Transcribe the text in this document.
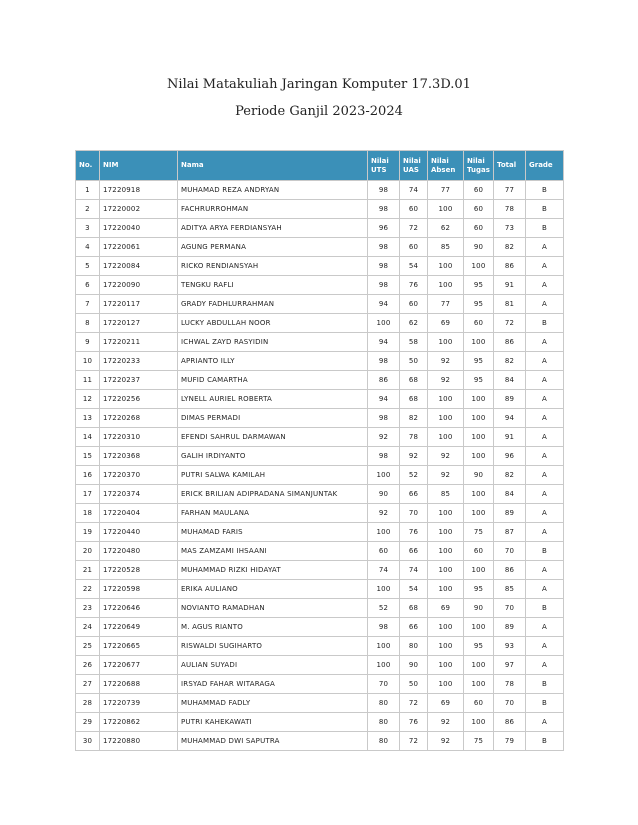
Nilai Matakuliah Jaringan Komputer 17.3D.01
Periode Ganjil 2023-2024
No.	NIM	Nama	Nilai UTS	Nilai UAS	Nilai Absen	Nilai Tugas	Total	Grade
1	17220918	MUHAMAD REZA ANDRYAN	98	74	77	60	77	B
2	17220002	FACHRURROHMAN	98	60	100	60	78	B
3	17220040	ADITYA ARYA FERDIANSYAH	96	72	62	60	73	B
4	17220061	AGUNG PERMANA	98	60	85	90	82	A
5	17220084	RICKO RENDIANSYAH	98	54	100	100	86	A
6	17220090	TENGKU RAFLI	98	76	100	95	91	A
7	17220117	GRADY FADHLURRAHMAN	94	60	77	95	81	A
8	17220127	LUCKY ABDULLAH NOOR	100	62	69	60	72	B
9	17220211	ICHWAL ZAYD RASYIDIN	94	58	100	100	86	A
10	17220233	APRIANTO ILLY	98	50	92	95	82	A
11	17220237	MUFID CAMARTHA	86	68	92	95	84	A
12	17220256	LYNELL AURIEL ROBERTA	94	68	100	100	89	A
13	17220268	DIMAS PERMADI	98	82	100	100	94	A
14	17220310	EFENDI SAHRUL DARMAWAN	92	78	100	100	91	A
15	17220368	GALIH IRDIYANTO	98	92	92	100	96	A
16	17220370	PUTRI SALWA KAMILAH	100	52	92	90	82	A
17	17220374	ERICK BRILIAN ADIPRADANA SIMANJUNTAK	90	66	85	100	84	A
18	17220404	FARHAN MAULANA	92	70	100	100	89	A
19	17220440	MUHAMAD FARIS	100	76	100	75	87	A
20	17220480	MAS ZAMZAMI IHSAANI	60	66	100	60	70	B
21	17220528	MUHAMMAD RIZKI HIDAYAT	74	74	100	100	86	A
22	17220598	ERIKA AULIANO	100	54	100	95	85	A
23	17220646	NOVIANTO RAMADHAN	52	68	69	90	70	B
24	17220649	M. AGUS RIANTO	98	66	100	100	89	A
25	17220665	RISWALDI SUGIHARTO	100	80	100	95	93	A
26	17220677	AULIAN SUYADI	100	90	100	100	97	A
27	17220688	IRSYAD FAHAR WITARAGA	70	50	100	100	78	B
28	17220739	MUHAMMAD FADLY	80	72	69	60	70	B
29	17220862	PUTRI KAHEKAWATI	80	76	92	100	86	A
30	17220880	MUHAMMAD DWI SAPUTRA	80	72	92	75	79	B
